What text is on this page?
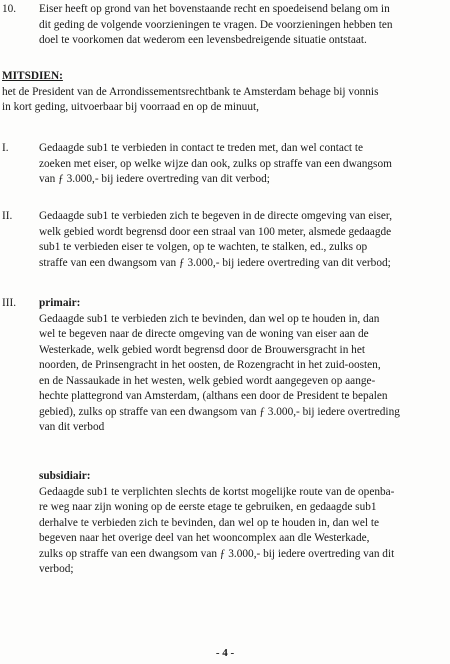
10.	Eiser heeft op grond van het bovenstaande recht en spoedeisend belang om in
dit geding de volgende voorzieningen te vragen. De voorzieningen hebben ten
doel te voorkomen dat wederom een levensbedreigende situatie ontstaat.
MITSDIEN:
het de President van de Arrondissementsrechtbank te Amsterdam behage bij vonnis
in kort geding, uitvoerbaar bij voorraad en op de minuut,
I.	Gedaagde sub1 te verbieden in contact te treden met, dan wel contact te
zoeken met eiser, op welke wijze dan ook, zulks op straffe van een dwangsom
van ƒ 3.000,- bij iedere overtreding van dit verbod;
II.	Gedaagde sub1 te verbieden zich te begeven in de directe omgeving van eiser,
welk gebied wordt begrensd door een straal van 100 meter, alsmede gedaagde
sub1 te verbieden eiser te volgen, op te wachten, te stalken, ed., zulks op
straffe van een dwangsom van ƒ 3.000,- bij iedere overtreding van dit verbod;
III.	primair:
Gedaagde sub1 te verbieden zich te bevinden, dan wel op te houden in, dan
wel te begeven naar de directe omgeving van de woning van eiser aan de
Westerkade, welk gebied wordt begrensd door de Brouwersgracht in het
noorden, de Prinsengracht in het oosten, de Rozengracht in het zuid-oosten,
en de Nassaukade in het westen, welk gebied wordt aangegeven op aange-
hechte plattegrond van Amsterdam, (althans een door de President te bepalen
gebied), zulks op straffe van een dwangsom van ƒ 3.000,- bij iedere overtreding
van dit verbod
subsidiair:
Gedaagde sub1 te verplichten slechts de kortst mogelijke route van de openba-
re weg naar zijn woning op de eerste etage te gebruiken, en gedaagde sub1
derhalve te verbieden zich te bevinden, dan wel op te houden in, dan wel te
begeven naar het overige deel van het wooncomplex aan dle Westerkade,
zulks op straffe van een dwangsom van ƒ 3.000,- bij iedere overtreding van dit
verbod;
- 4 -
